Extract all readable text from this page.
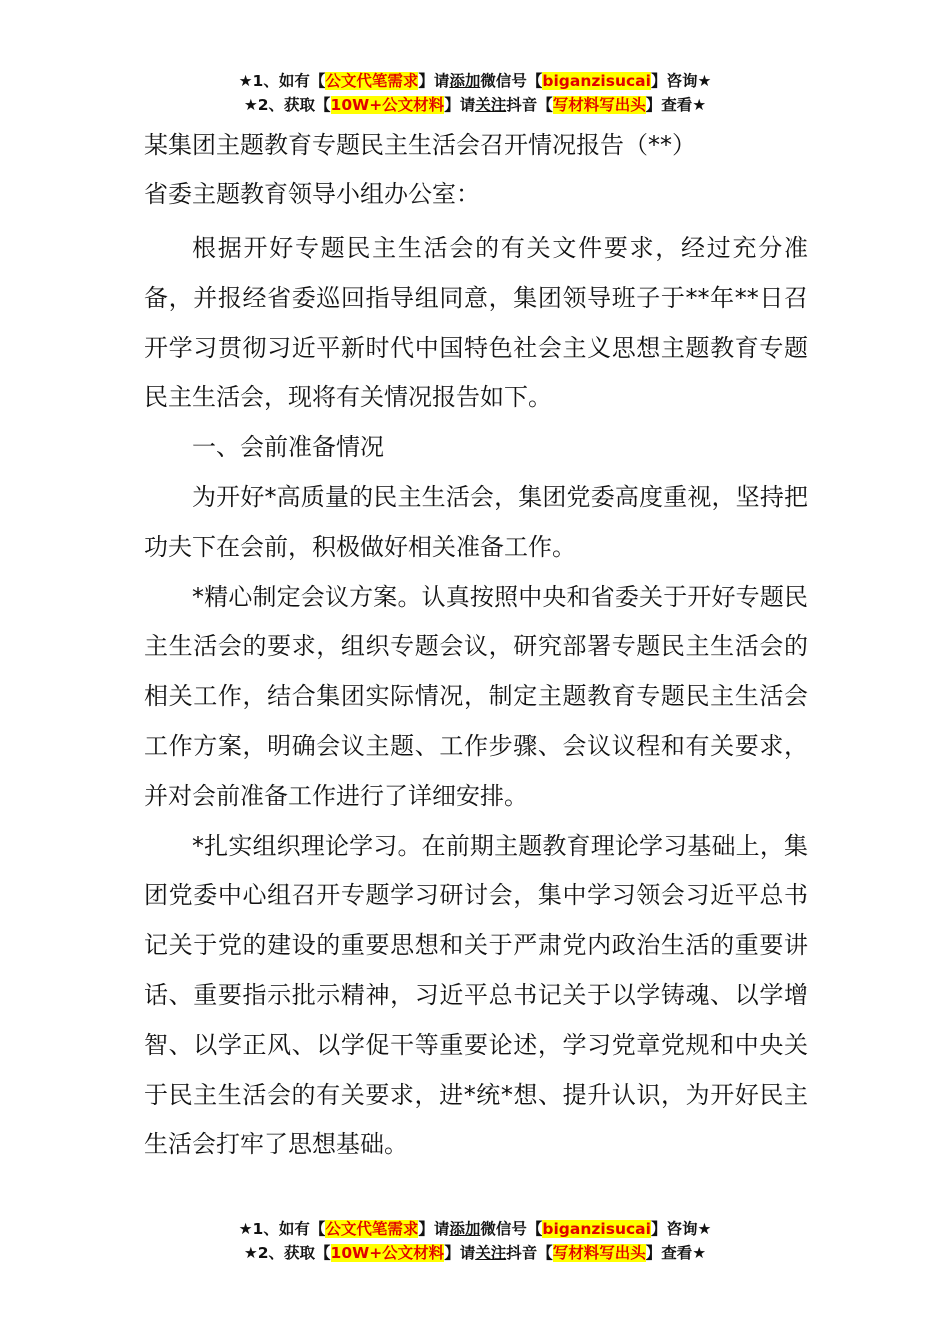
★1、如有【公文代笔需求】请添加微信号【biganzisucai】咨询★
★2、获取【10W+公文材料】请关注抖音【写材料写出头】查看★

某集团主题教育专题民主生活会召开情况报告（**）

省委主题教育领导小组办公室：

根据开好专题民主生活会的有关文件要求，经过充分准备，并报经省委巡回指导组同意，集团领导班子于**年**日召开学习贯彻习近平新时代中国特色社会主义思想主题教育专题民主生活会，现将有关情况报告如下。

一、会前准备情况

为开好*高质量的民主生活会，集团党委高度重视，坚持把功夫下在会前，积极做好相关准备工作。

*精心制定会议方案。认真按照中央和省委关于开好专题民主生活会的要求，组织专题会议，研究部署专题民主生活会的相关工作，结合集团实际情况，制定主题教育专题民主生活会工作方案，明确会议主题、工作步骤、会议议程和有关要求，并对会前准备工作进行了详细安排。

*扎实组织理论学习。在前期主题教育理论学习基础上，集团党委中心组召开专题学习研讨会，集中学习领会习近平总书记关于党的建设的重要思想和关于严肃党内政治生活的重要讲话、重要指示批示精神，习近平总书记关于以学铸魂、以学增智、以学正风、以学促干等重要论述，学习党章党规和中央关于民主生活会的有关要求，进*统*想、提升认识，为开好民主生活会打牢了思想基础。

★1、如有【公文代笔需求】请添加微信号【biganzisucai】咨询★
★2、获取【10W+公文材料】请关注抖音【写材料写出头】查看★
